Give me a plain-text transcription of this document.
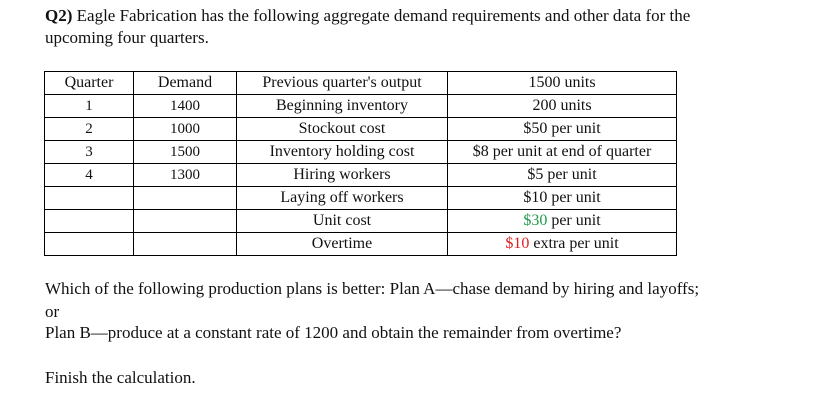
Q2) Eagle Fabrication has the following aggregate demand requirements and other data for the
upcoming four quarters.
Quarter	Demand	Previous quarter's output	1500 units
1	1400	Beginning inventory	200 units
2	1000	Stockout cost	$50 per unit
3	1500	Inventory holding cost	$8 per unit at end of quarter
4	1300	Hiring workers	$5 per unit
		Laying off workers	$10 per unit
		Unit cost	$30 per unit
		Overtime	$10 extra per unit
Which of the following production plans is better: Plan A—chase demand by hiring and layoffs;
or
Plan B—produce at a constant rate of 1200 and obtain the remainder from overtime?
Finish the calculation.
